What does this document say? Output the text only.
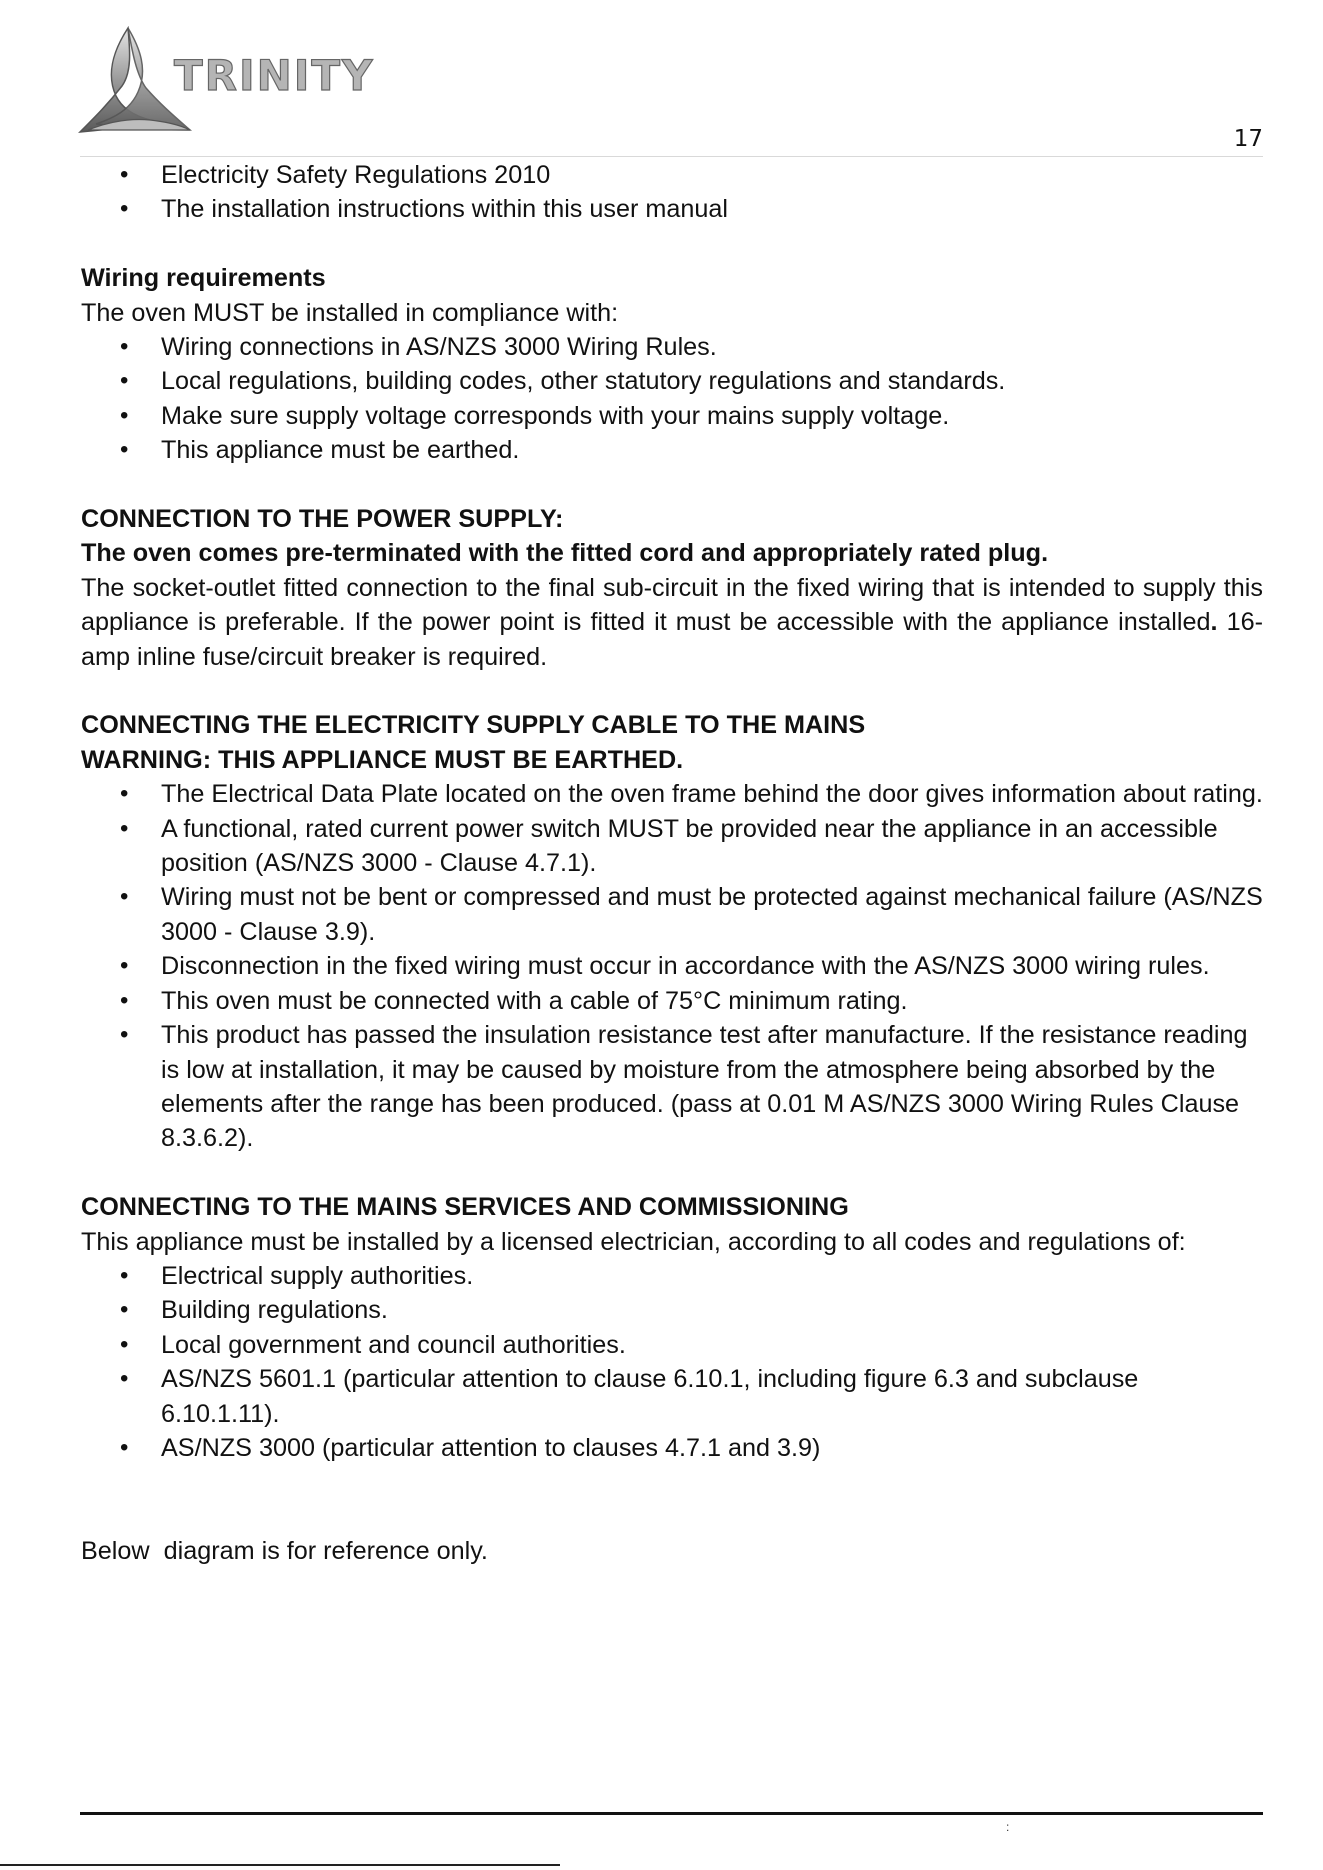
TRINITY
17
• Electricity Safety Regulations 2010
• The installation instructions within this user manual

Wiring requirements

The oven MUST be installed in compliance with:

• Wiring connections in AS/NZS 3000 Wiring Rules.
• Local regulations, building codes, other statutory regulations and standards.
• Make sure supply voltage corresponds with your mains supply voltage.
• This appliance must be earthed.

CONNECTION TO THE POWER SUPPLY:

The oven comes pre-terminated with the fitted cord and appropriately rated plug.

The socket-outlet fitted connection to the final sub-circuit in the fixed wiring that is intended to supply this appliance is preferable. If the power point is fitted it must be accessible with the appliance installed. 16-amp inline fuse/circuit breaker is required.

CONNECTING THE ELECTRICITY SUPPLY CABLE TO THE MAINS

WARNING: THIS APPLIANCE MUST BE EARTHED.

• The Electrical Data Plate located on the oven frame behind the door gives information about rating.
• A functional, rated current power switch MUST be provided near the appliance in an accessible position (AS/NZS 3000 - Clause 4.7.1).
• Wiring must not be bent or compressed and must be protected against mechanical failure (AS/NZS 3000 - Clause 3.9).
• Disconnection in the fixed wiring must occur in accordance with the AS/NZS 3000 wiring rules.
• This oven must be connected with a cable of 75°C minimum rating.
• This product has passed the insulation resistance test after manufacture. If the resistance reading is low at installation, it may be caused by moisture from the atmosphere being absorbed by the elements after the range has been produced. (pass at 0.01 M AS/NZS 3000 Wiring Rules Clause 8.3.6.2).

CONNECTING TO THE MAINS SERVICES AND COMMISSIONING

This appliance must be installed by a licensed electrician, according to all codes and regulations of:

• Electrical supply authorities.
• Building regulations.
• Local government and council authorities.
• AS/NZS 5601.1 (particular attention to clause 6.10.1, including figure 6.3 and subclause 6.10.1.11).
• AS/NZS 3000 (particular attention to clauses 4.7.1 and 3.9)

Below  diagram is for reference only.

:
